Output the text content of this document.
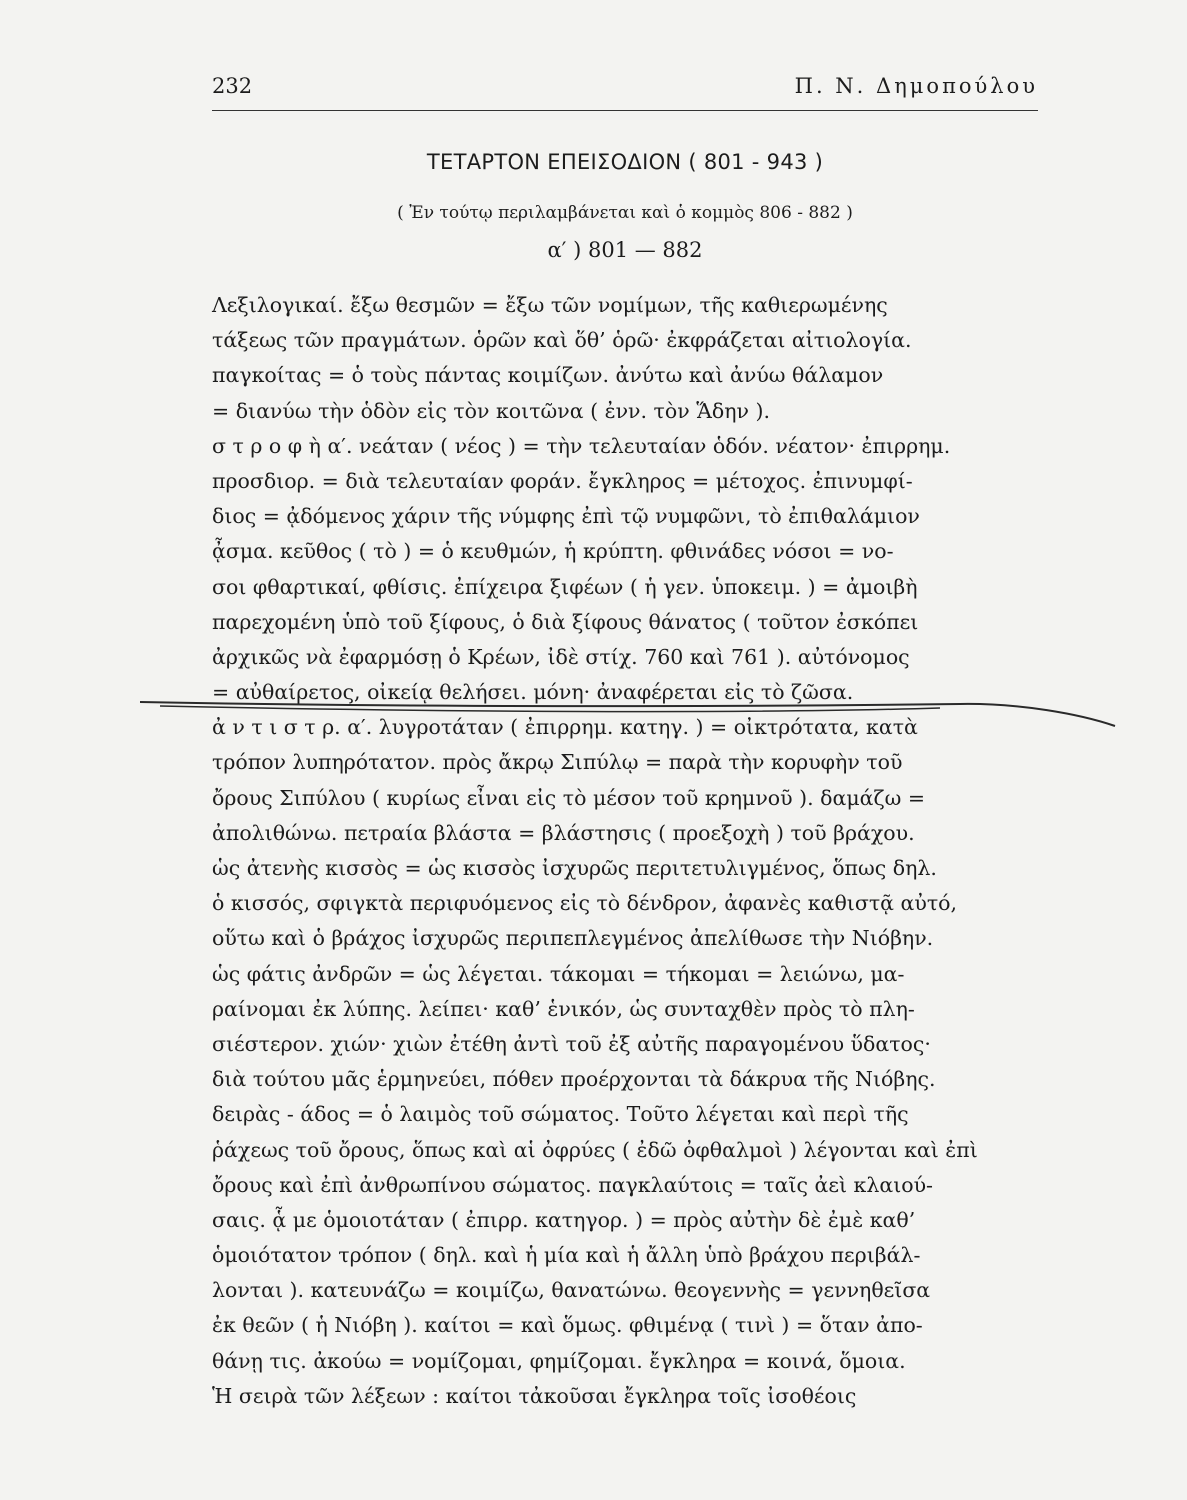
232	Π. Ν. Δημοπούλου
ΤΕΤΑΡΤΟΝ ΕΠΕΙΣΟΔΙΟΝ ( 801 - 943 )
( Ἐν τούτῳ περιλαμβάνεται καὶ ὁ κομμὸς 806 - 882 )
α′ ) 801 — 882
Λεξιλογικαί. ἔξω θεσμῶν = ἔξω τῶν νομίμων, τῆς καθιερωμένης
τάξεως τῶν πραγμάτων. ὁρῶν καὶ ὅθ’ ὁρῶ· ἐκφράζεται αἰτιολογία.
παγκοίτας = ὁ τοὺς πάντας κοιμίζων. ἀνύτω καὶ ἀνύω θάλαμον
= διανύω τὴν ὁδὸν εἰς τὸν κοιτῶνα ( ἐνν. τὸν Ἅδην ).
σ τ ρ ο φ ὴ α′. νεάταν ( νέος ) = τὴν τελευταίαν ὁδόν. νέατον· ἐπιρρημ.
προσδιορ. = διὰ τελευταίαν φοράν. ἔγκληρος = μέτοχος. ἐπινυμφί-
διος = ᾀδόμενος χάριν τῆς νύμφης ἐπὶ τῷ νυμφῶνι, τὸ ἐπιθαλάμιον
ᾆσμα. κεῦθος ( τὸ ) = ὁ κευθμών, ἡ κρύπτη. φθινάδες νόσοι = νο-
σοι φθαρτικαί, φθίσις. ἐπίχειρα ξιφέων ( ἡ γεν. ὑποκειμ. ) = ἀμοιβὴ
παρεχομένη ὑπὸ τοῦ ξίφους, ὁ διὰ ξίφους θάνατος ( τοῦτον ἐσκόπει
ἀρχικῶς νὰ ἐφαρμόσῃ ὁ Κρέων, ἰδὲ στίχ. 760 καὶ 761 ). αὐτόνομος
= αὐθαίρετος, οἰκείᾳ θελήσει. μόνη· ἀναφέρεται εἰς τὸ ζῶσα.
ἀ ν τ ι σ τ ρ. α′. λυγροτάταν ( ἐπιρρημ. κατηγ. ) = οἰκτρότατα, κατὰ
τρόπον λυπηρότατον. πρὸς ἄκρῳ Σιπύλῳ = παρὰ τὴν κορυφὴν τοῦ
ὄρους Σιπύλου ( κυρίως εἶναι εἰς τὸ μέσον τοῦ κρημνοῦ ). δαμάζω =
ἀπολιθώνω. πετραία βλάστα = βλάστησις ( προεξοχὴ ) τοῦ βράχου.
ὡς ἀτενὴς κισσὸς = ὡς κισσὸς ἰσχυρῶς περιτετυλιγμένος, ὅπως δηλ.
ὁ κισσός, σφιγκτὰ περιφυόμενος εἰς τὸ δένδρον, ἀφανὲς καθιστᾷ αὐτό,
οὕτω καὶ ὁ βράχος ἰσχυρῶς περιπεπλεγμένος ἀπελίθωσε τὴν Νιόβην.
ὡς φάτις ἀνδρῶν = ὡς λέγεται. τάκομαι = τήκομαι = λειώνω, μα-
ραίνομαι ἐκ λύπης. λείπει· καθ’ ἑνικόν, ὡς συνταχθὲν πρὸς τὸ πλη-
σιέστερον. χιών· χιὼν ἐτέθη ἀντὶ τοῦ ἐξ αὐτῆς παραγομένου ὕδατος·
διὰ τούτου μᾶς ἑρμηνεύει, πόθεν προέρχονται τὰ δάκρυα τῆς Νιόβης.
δειρὰς - άδος = ὁ λαιμὸς τοῦ σώματος. Τοῦτο λέγεται καὶ περὶ τῆς
ῥάχεως τοῦ ὄρους, ὅπως καὶ αἱ ὀφρύες ( ἐδῶ ὀφθαλμοὶ ) λέγονται καὶ ἐπὶ
ὄρους καὶ ἐπὶ ἀνθρωπίνου σώματος. παγκλαύτοις = ταῖς ἀεὶ κλαιού-
σαις. ᾇ με ὁμοιοτάταν ( ἐπιρρ. κατηγορ. ) = πρὸς αὐτὴν δὲ ἐμὲ καθ’
ὁμοιότατον τρόπον ( δηλ. καὶ ἡ μία καὶ ἡ ἄλλη ὑπὸ βράχου περιβάλ-
λονται ). κατευνάζω = κοιμίζω, θανατώνω. θεογεννὴς = γεννηθεῖσα
ἐκ θεῶν ( ἡ Νιόβη ). καίτοι = καὶ ὅμως. φθιμένᾳ ( τινὶ ) = ὅταν ἀπο-
θάνῃ τις. ἀκούω = νομίζομαι, φημίζομαι. ἔγκληρα = κοινά, ὅμοια.
Ἡ σειρὰ τῶν λέξεων : καίτοι τἀκοῦσαι ἔγκληρα τοῖς ἰσοθέοις
